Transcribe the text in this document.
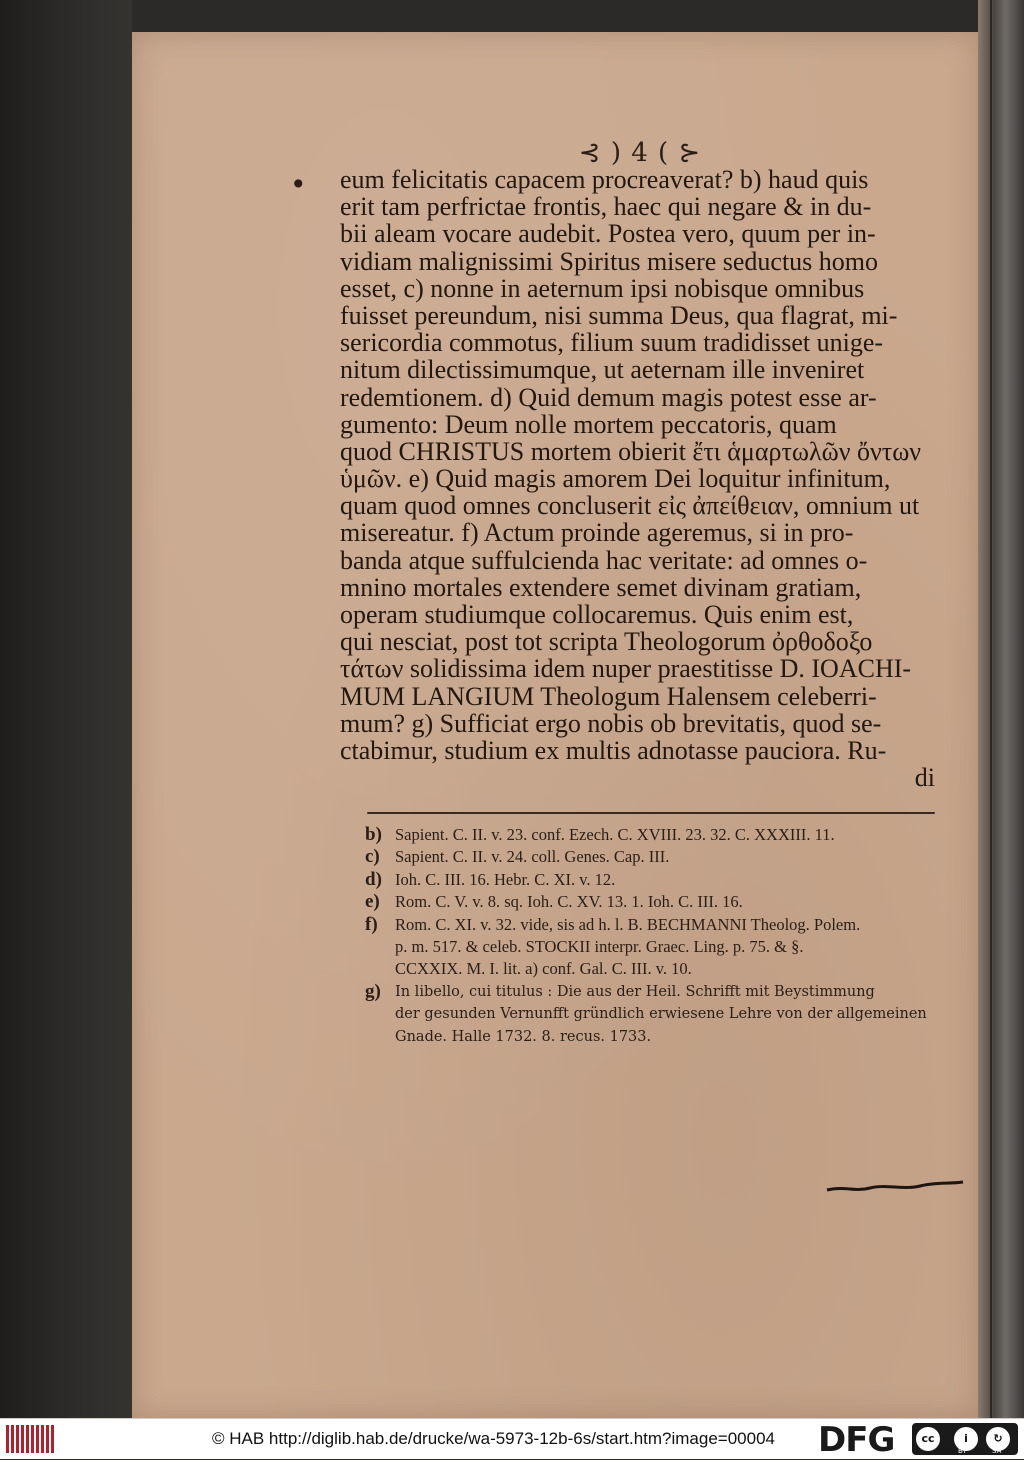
⊰ ) 4 ( ⊱
• eum felicitatis capacem procreaverat? b) haud quis
erit tam perfrictae frontis, haec qui negare & in du-
bii aleam vocare audebit. Postea vero, quum per in-
vidiam malignissimi Spiritus misere seductus homo
esset, c) nonne in aeternum ipsi nobisque omnibus
fuisset pereundum, nisi summa Deus, qua flagrat, mi-
sericordia commotus, filium suum tradidisset unige-
nitum dilectissimumque, ut aeternam ille inveniret
redemtionem. d) Quid demum magis potest esse ar-
gumento: Deum nolle mortem peccatoris, quam
quod CHRISTUS mortem obierit ἔτι ἁμαρτωλῶν ὄντων
ὑμῶν. e) Quid magis amorem Dei loquitur infinitum,
quam quod omnes concluserit εἰς ἀπείθειαν, omnium ut
misereatur. f) Actum proinde ageremus, si in pro-
banda atque suffulcienda hac veritate: ad omnes o-
mnino mortales extendere semet divinam gratiam,
operam studiumque collocaremus. Quis enim est,
qui nesciat, post tot scripta Theologorum ὀρθοδοξο
τάτων solidissima idem nuper praestitisse D. IOACHI-
MUM LANGIUM Theologum Halensem celeberri-
mum? g) Sufficiat ergo nobis ob brevitatis, quod se-
ctabimur, studium ex multis adnotasse pauciora. Ru-
di
b) Sapient. C. II. v. 23. conf. Ezech. C. XVIII. 23. 32. C. XXXIII. 11.
c) Sapient. C. II. v. 24. coll. Genes. Cap. III.
d) Ioh. C. III. 16. Hebr. C. XI. v. 12.
e) Rom. C. V. v. 8. sq. Ioh. C. XV. 13. 1. Ioh. C. III. 16.
f) Rom. C. XI. v. 32. vide, sis ad h. l. B. BECHMANNI Theolog. Polem.
p. m. 517. & celeb. STOCKII interpr. Graec. Ling. p. 75. & §.
CCXXIX. M. I. lit. a) conf. Gal. C. III. v. 10.
g) In libello, cui titulus : Die aus der Heil. Schrifft mit Beystimmung
der gesunden Vernunfft gründlich erwiesene Lehre von der allgemeinen
Gnade. Halle 1732. 8. recus. 1733.
© HAB http://diglib.hab.de/drucke/wa-5973-12b-6s/start.htm?image=00004 DFG	cc	i
BY
↻
SA
